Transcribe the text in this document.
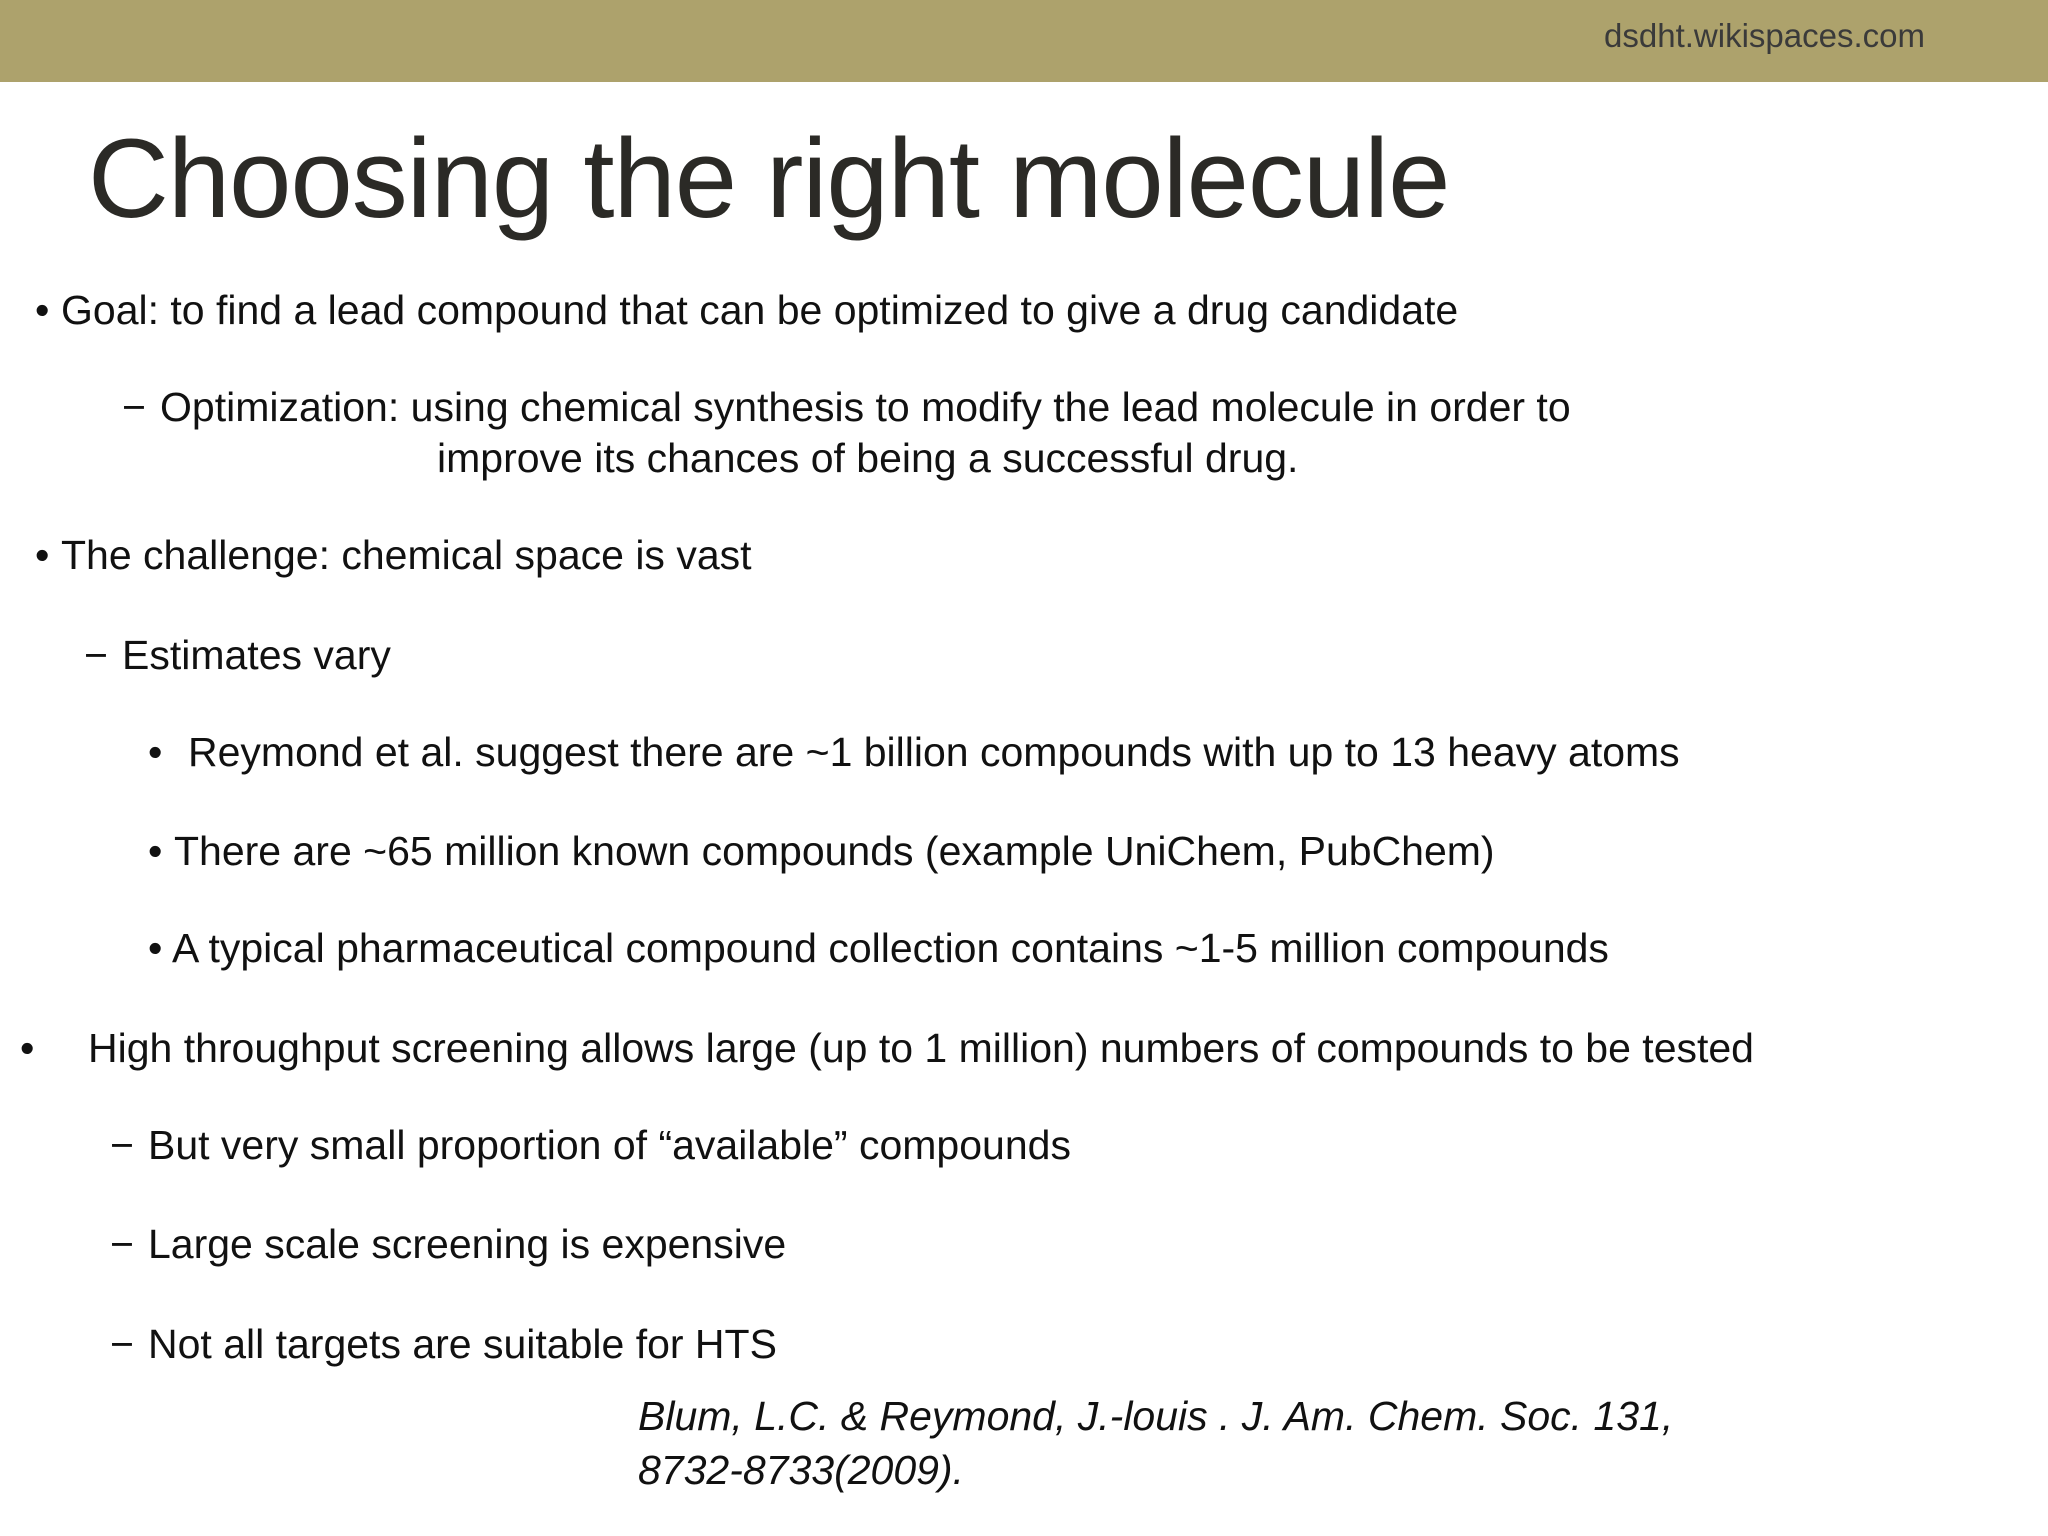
dsdht.wikispaces.com
Choosing the right molecule
• Goal: to find a lead compound that can be optimized to give a drug candidate
− Optimization: using chemical synthesis to modify the lead molecule in order to
improve its chances of being a successful drug.
• The challenge: chemical space is vast
− Estimates vary
• Reymond et al. suggest there are ~1 billion compounds with up to 13 heavy atoms
• There are ~65 million known compounds (example UniChem, PubChem)
• A typical pharmaceutical compound collection contains ~1-5 million compounds
• High throughput screening allows large (up to 1 million) numbers of compounds to be tested
− But very small proportion of “available” compounds
− Large scale screening is expensive
− Not all targets are suitable for HTS
Blum, L.C. & Reymond, J.-louis . J. Am. Chem. Soc. 131,
8732-8733(2009).
